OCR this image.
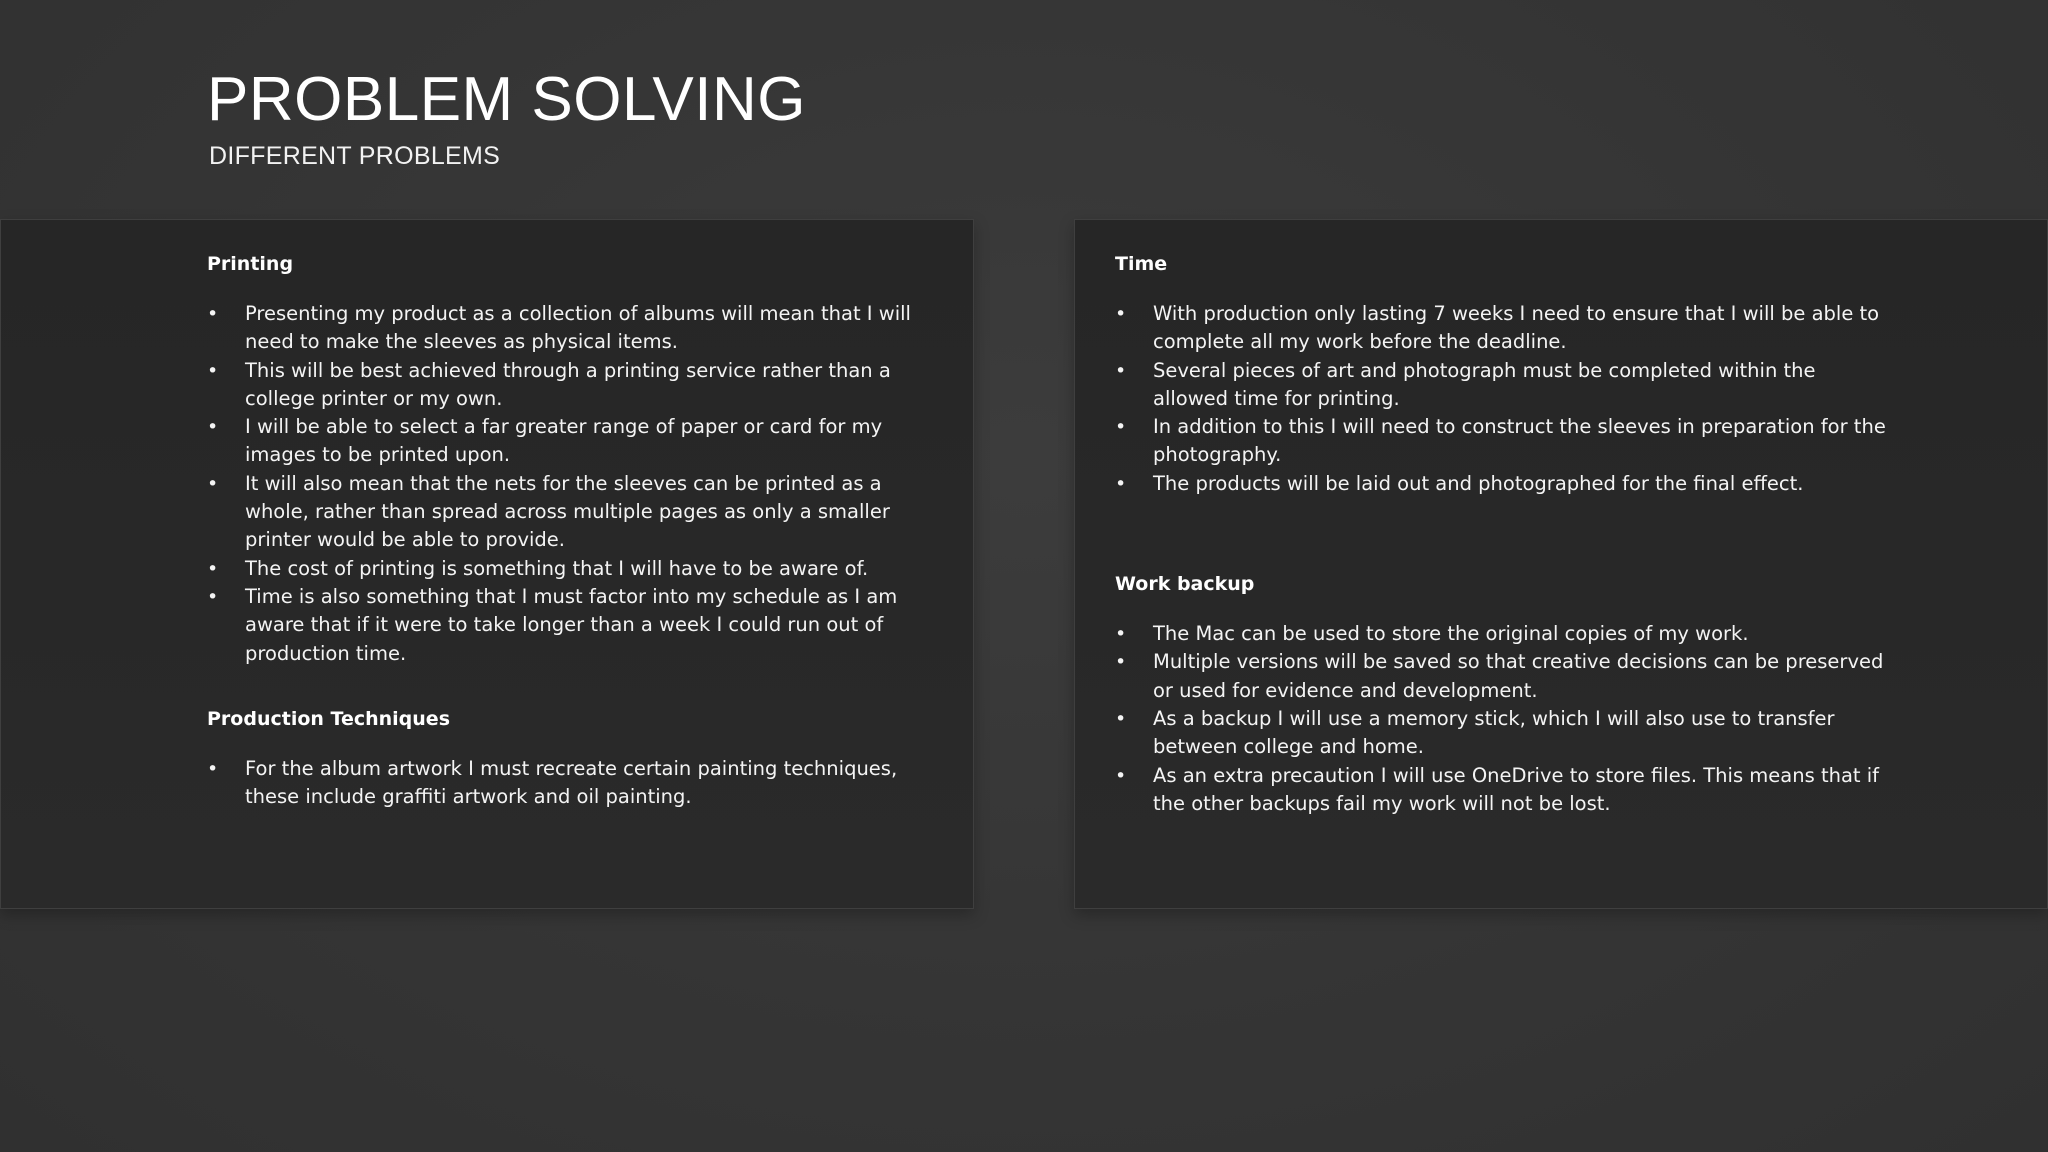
PROBLEM SOLVING
DIFFERENT PROBLEMS
Printing
• Presenting my product as a collection of albums will mean that I will need to make the sleeves as physical items.
• This will be best achieved through a printing service rather than a college printer or my own.
• I will be able to select a far greater range of paper or card for my images to be printed upon.
• It will also mean that the nets for the sleeves can be printed as a whole, rather than spread across multiple pages as only a smaller printer would be able to provide.
• The cost of printing is something that I will have to be aware of.
• Time is also something that I must factor into my schedule as I am aware that if it were to take longer than a week I could run out of production time.
Production Techniques
• For the album artwork I must recreate certain painting techniques, these include graffiti artwork and oil painting.
Time
• With production only lasting 7 weeks I need to ensure that I will be able to complete all my work before the deadline.
• Several pieces of art and photograph must be completed within the allowed time for printing.
• In addition to this I will need to construct the sleeves in preparation for the photography.
• The products will be laid out and photographed for the final effect.
Work backup
• The Mac can be used to store the original copies of my work.
• Multiple versions will be saved so that creative decisions can be preserved or used for evidence and development.
• As a backup I will use a memory stick, which I will also use to transfer between college and home.
• As an extra precaution I will use OneDrive to store files. This means that if the other backups fail my work will not be lost.
